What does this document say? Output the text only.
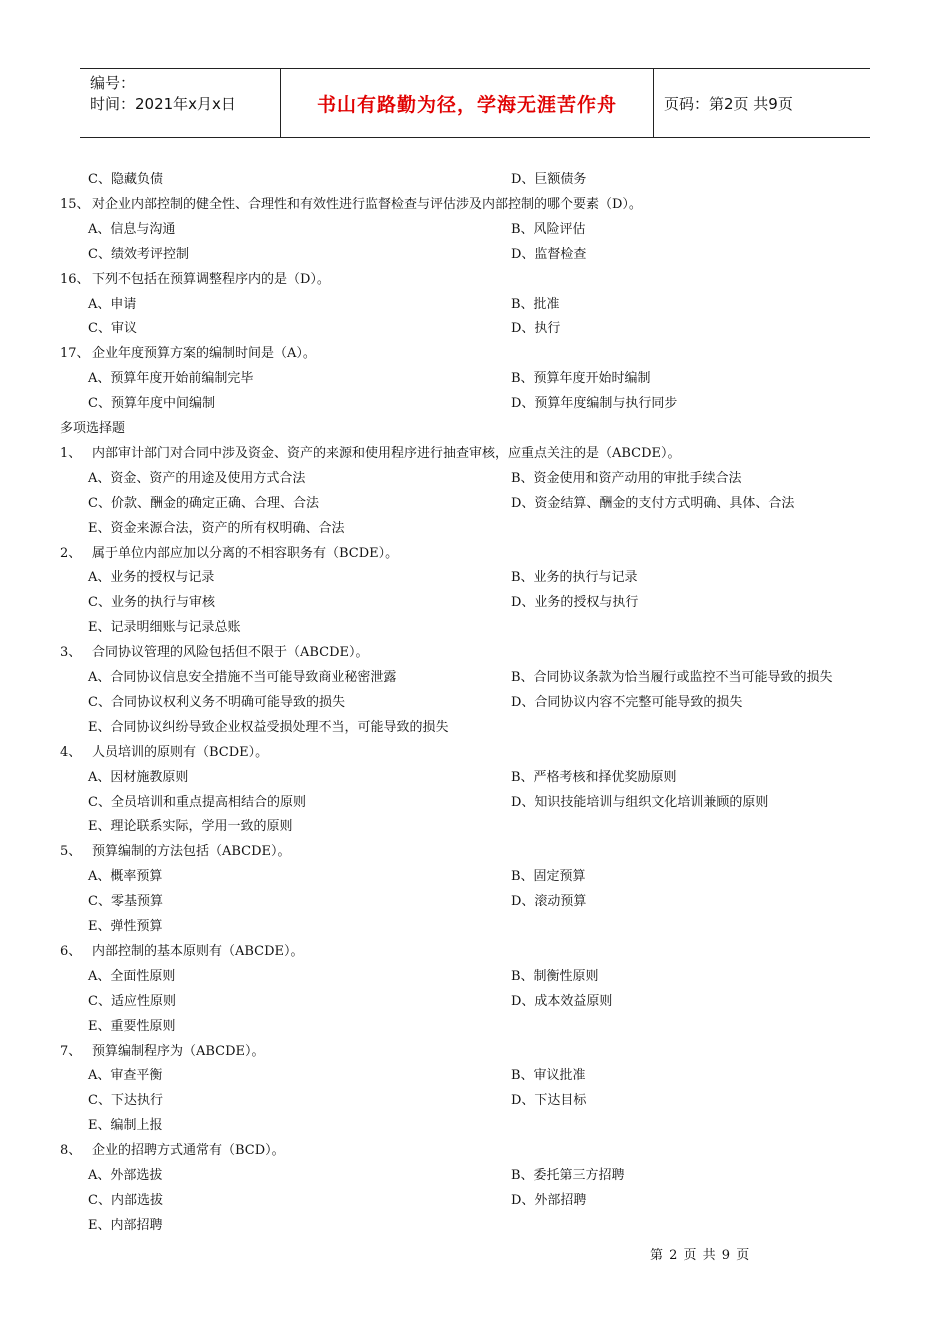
编号：
时间：2021年x月x日	书山有路勤为径，学海无涯苦作舟	页码：第2页 共9页
C、隐藏负债	D、巨额债务
15、 对企业内部控制的健全性、合理性和有效性进行监督检查与评估涉及内部控制的哪个要素（D）。
A、信息与沟通	B、风险评估
C、绩效考评控制	D、监督检查
16、 下列不包括在预算调整程序内的是（D）。
A、申请	B、批准
C、审议	D、执行
17、 企业年度预算方案的编制时间是（A）。
A、预算年度开始前编制完毕	B、预算年度开始时编制
C、预算年度中间编制	D、预算年度编制与执行同步
多项选择题
1、 内部审计部门对合同中涉及资金、资产的来源和使用程序进行抽查审核，应重点关注的是（ABCDE）。
A、资金、资产的用途及使用方式合法	B、资金使用和资产动用的审批手续合法
C、价款、酬金的确定正确、合理、合法	D、资金结算、酬金的支付方式明确、具体、合法
E、资金来源合法，资产的所有权明确、合法
2、 属于单位内部应加以分离的不相容职务有（BCDE）。
A、业务的授权与记录	B、业务的执行与记录
C、业务的执行与审核	D、业务的授权与执行
E、记录明细账与记录总账
3、 合同协议管理的风险包括但不限于（ABCDE）。
A、合同协议信息安全措施不当可能导致商业秘密泄露	B、合同协议条款为恰当履行或监控不当可能导致的损失
C、合同协议权利义务不明确可能导致的损失	D、合同协议内容不完整可能导致的损失
E、合同协议纠纷导致企业权益受损处理不当，可能导致的损失
4、 人员培训的原则有（BCDE）。
A、因材施教原则	B、严格考核和择优奖励原则
C、全员培训和重点提高相结合的原则	D、知识技能培训与组织文化培训兼顾的原则
E、理论联系实际，学用一致的原则
5、 预算编制的方法包括（ABCDE）。
A、概率预算	B、固定预算
C、零基预算	D、滚动预算
E、弹性预算
6、 内部控制的基本原则有（ABCDE）。
A、全面性原则	B、制衡性原则
C、适应性原则	D、成本效益原则
E、重要性原则
7、 预算编制程序为（ABCDE）。
A、审查平衡	B、审议批准
C、下达执行	D、下达目标
E、编制上报
8、 企业的招聘方式通常有（BCD）。
A、外部选拔	B、委托第三方招聘
C、内部选拔	D、外部招聘
E、内部招聘
第 2 页 共 9 页
